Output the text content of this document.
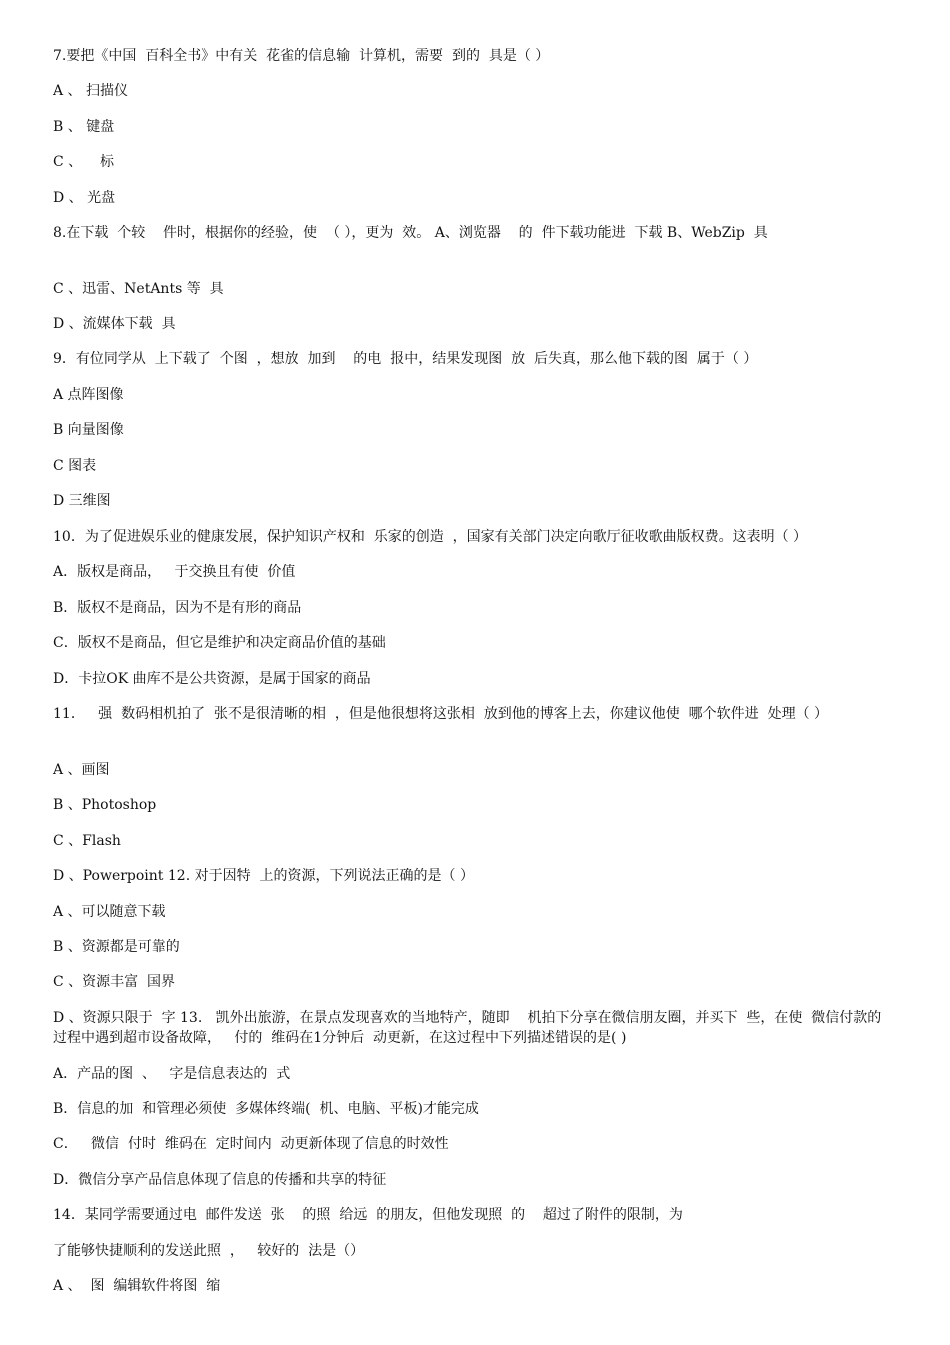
7.要把《中国  百科全书》中有关  花雀的信息输  计算机，需要  到的  具是（ ）
A 、 扫描仪
B 、 键盘
C 、    标
D 、 光盘
8.在下载  个较    件时，根据你的经验，使  （ ），更为  效。 A、浏览器    的  件下载功能进  下载 B、WebZip  具
C 、迅雷、NetAnts 等  具
D 、流媒体下载  具
9．有位同学从  上下载了  个图  ，想放  加到    的电  报中，结果发现图  放  后失真，那么他下载的图  属于（ ）
A 点阵图像
B 向量图像
C 图表
D 三维图
10．为了促进娱乐业的健康发展，保护知识产权和  乐家的创造  ，国家有关部门决定向歌厅征收歌曲版权费。这表明（ ）
A．版权是商品，   于交换且有使  价值
B．版权不是商品，因为不是有形的商品
C．版权不是商品，但它是维护和决定商品价值的基础
D．卡拉OK 曲库不是公共资源，是属于国家的商品
11．   强  数码相机拍了  张不是很清晰的相  ，但是他很想将这张相  放到他的博客上去，你建议他使  哪个软件进  处理（ ）
A 、画图
B 、Photoshop
C 、Flash
D 、Powerpoint 12. 对于因特  上的资源，下列说法正确的是（ ）
A 、可以随意下载
B 、资源都是可靠的
C 、资源丰富  国界
D 、资源只限于  字 13.   凯外出旅游，在景点发现喜欢的当地特产，随即    机拍下分享在微信朋友圈，并买下  些，在使  微信付款的过程中遇到超市设备故障，   付的  维码在1分钟后  动更新，在这过程中下列描述错误的是( )
A．产品的图  、   字是信息表达的  式
B．信息的加  和管理必须使  多媒体终端(  机、电脑、平板)才能完成
C．   微信  付时  维码在  定时间内  动更新体现了信息的时效性
D．微信分享产品信息体现了信息的传播和共享的特征
14．某同学需要通过电  邮件发送  张    的照  给远  的朋友，但他发现照  的    超过了附件的限制，为
了能够快捷顺利的发送此照  ，   较好的  法是（）
A 、  图  编辑软件将图  缩
